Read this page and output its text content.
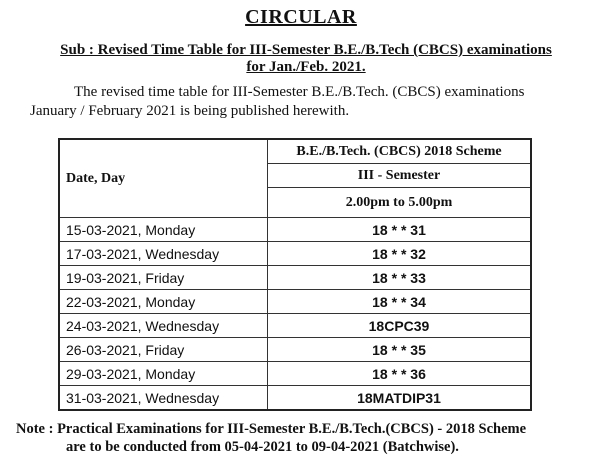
CIRCULAR
Sub : Revised Time Table for III-Semester B.E./B.Tech (CBCS) examinations
for Jan./Feb. 2021.
The revised time table for III-Semester B.E./B.Tech. (CBCS) examinations
January / February 2021 is being published herewith.
Date, Day	B.E./B.Tech. (CBCS) 2018 Scheme
	III - Semester
	2.00pm to 5.00pm
15-03-2021, Monday	18 * * 31
17-03-2021, Wednesday	18 * * 32
19-03-2021, Friday	18 * * 33
22-03-2021, Monday	18 * * 34
24-03-2021, Wednesday	18CPC39
26-03-2021, Friday	18 * * 35
29-03-2021, Monday	18 * * 36
31-03-2021, Wednesday	18MATDIP31
Note : Practical Examinations for III-Semester B.E./B.Tech.(CBCS) - 2018 Scheme
are to be conducted from 05-04-2021 to 09-04-2021 (Batchwise).
